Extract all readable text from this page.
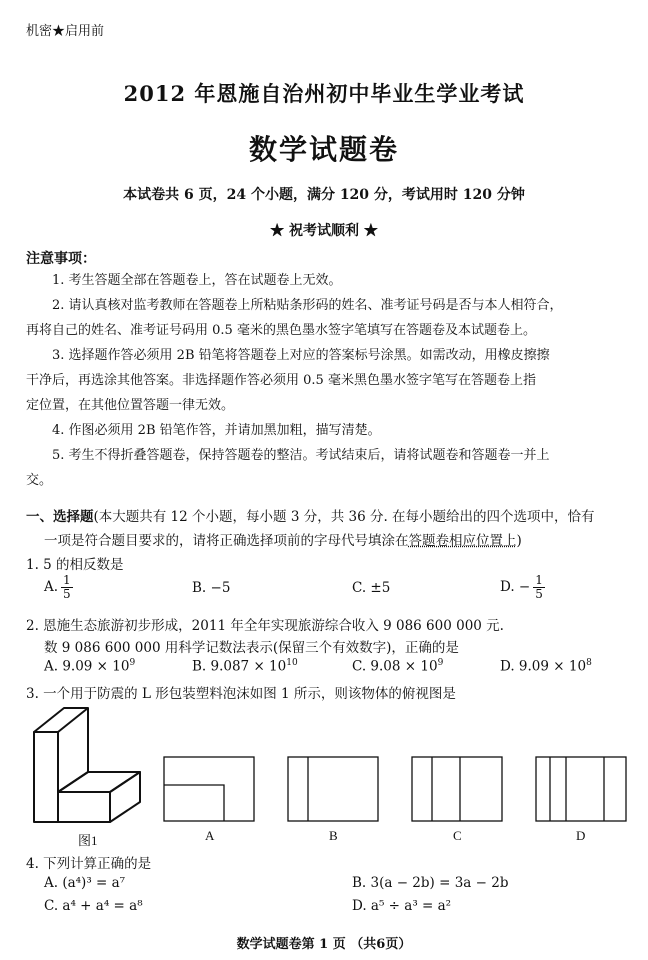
机密★启用前
2012 年恩施自治州初中毕业生学业考试
数学试题卷
本试卷共 6 页，24 个小题，满分 120 分，考试用时 120 分钟
★ 祝考试顺利 ★
注意事项：
1. 考生答题全部在答题卷上，答在试题卷上无效。
2. 请认真核对监考教师在答题卷上所粘贴条形码的姓名、准考证号码是否与本人相符合，
再将自己的姓名、准考证号码用 0.5 毫米的黑色墨水签字笔填写在答题卷及本试题卷上。
3. 选择题作答必须用 2B 铅笔将答题卷上对应的答案标号涂黑。如需改动，用橡皮擦擦
干净后，再选涂其他答案。非选择题作答必须用 0.5 毫米黑色墨水签字笔写在答题卷上指
定位置，在其他位置答题一律无效。
4. 作图必须用 2B 铅笔作答，并请加黑加粗，描写清楚。
5. 考生不得折叠答题卷，保持答题卷的整洁。考试结束后，请将试题卷和答题卷一并上
交。
一、选择题(本大题共有 12 个小题，每小题 3 分，共 36 分. 在每小题给出的四个选项中，恰有
一项是符合题目要求的，请将正确选择项前的字母代号填涂在答题卷相应位置上)
1. 5 的相反数是
A. $\frac{1}{5}$	B. −5	C. ±5	D. − $\frac{1}{5}$
2. 恩施生态旅游初步形成，2011 年全年实现旅游综合收入 9 086 600 000 元.
数 9 086 600 000 用科学记数法表示(保留三个有效数字)，正确的是
A. $9.09 \times 10^9$	B. $9.087 \times 10^{10}$	C. $9.08 \times 10^9$	D. $9.09 \times 10^8$
3. 一个用于防震的 L 形包装塑料泡沫如图 1 所示，则该物体的俯视图是
图1	A	B	C	D
4. 下列计算正确的是
A. (a⁴)³ = a⁷	B. 3(a − 2b) = 3a − 2b
C. a⁴ + a⁴ = a⁸	D. a⁵ ÷ a³ = a²
数学试题卷第 1 页 （共6页）
